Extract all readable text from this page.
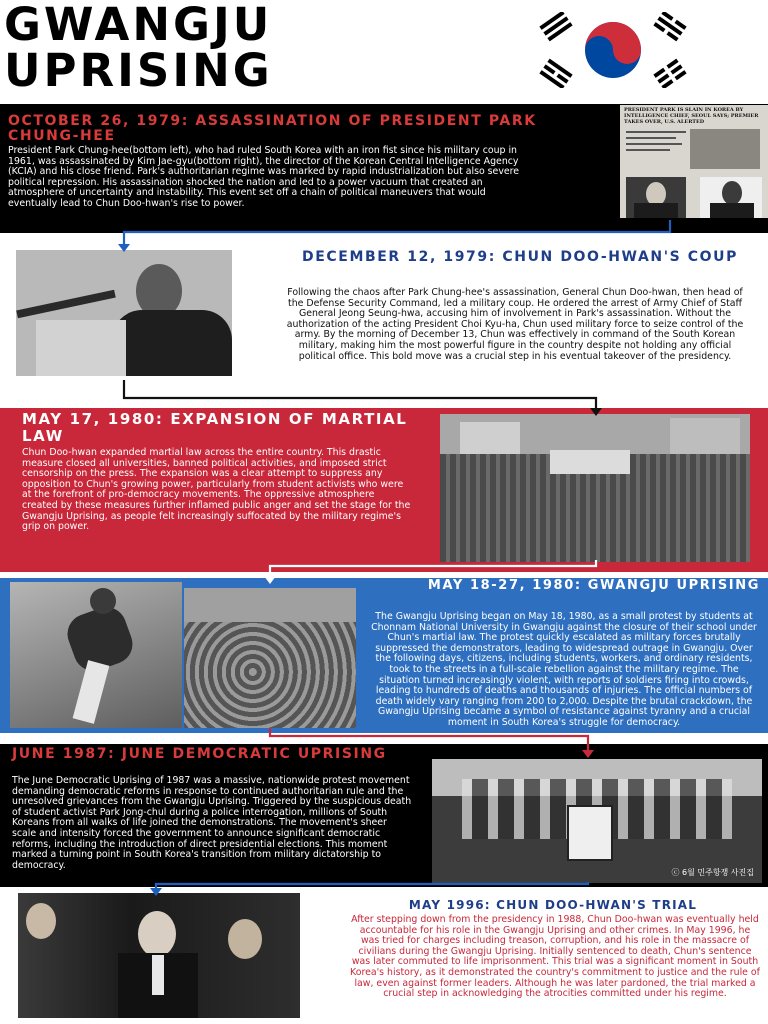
GWANGJU
UPRISING
OCTOBER 26, 1979: ASSASSINATION OF PRESIDENT PARK CHUNG-HEE
President Park Chung-hee(bottom left), who had ruled South Korea with an iron fist since his military coup in 1961, was assassinated by Kim Jae-gyu(bottom right), the director of the Korean Central Intelligence Agency (KCIA) and his close friend. Park's authoritarian regime was marked by rapid industrialization but also severe political repression. His assassination shocked the nation and led to a power vacuum that created an atmosphere of uncertainty and instability. This event set off a chain of political maneuvers that would eventually lead to Chun Doo-hwan's rise to power.
PRESIDENT PARK IS SLAIN IN KOREA BY INTELLIGENCE CHIEF, SEOUL SAYS; PREMIER TAKES OVER, U.S. ALERTED
DECEMBER 12, 1979: CHUN DOO-HWAN'S COUP
Following the chaos after Park Chung-hee's assassination, General Chun Doo-hwan, then head of the Defense Security Command, led a military coup. He ordered the arrest of Army Chief of Staff General Jeong Seung-hwa, accusing him of involvement in Park's assassination. Without the authorization of the acting President Choi Kyu-ha, Chun used military force to seize control of the army. By the morning of December 13, Chun was effectively in command of the South Korean military, making him the most powerful figure in the country despite not holding any official political office. This bold move was a crucial step in his eventual takeover of the presidency.
MAY 17, 1980: EXPANSION OF MARTIAL LAW
Chun Doo-hwan expanded martial law across the entire country. This drastic measure closed all universities, banned political activities, and imposed strict censorship on the press. The expansion was a clear attempt to suppress any opposition to Chun's growing power, particularly from student activists who were at the forefront of pro-democracy movements. The oppressive atmosphere created by these measures further inflamed public anger and set the stage for the Gwangju Uprising, as people felt increasingly suffocated by the military regime's grip on power.
MAY 18-27, 1980: GWANGJU UPRISING
The Gwangju Uprising began on May 18, 1980, as a small protest by students at Chonnam National University in Gwangju against the closure of their school under Chun's martial law. The protest quickly escalated as military forces brutally suppressed the demonstrators, leading to widespread outrage in Gwangju. Over the following days, citizens, including students, workers, and ordinary residents, took to the streets in a full-scale rebellion against the military regime. The situation turned increasingly violent, with reports of soldiers firing into crowds, leading to hundreds of deaths and thousands of injuries. The official numbers of death widely vary ranging from 200 to 2,000. Despite the brutal crackdown, the Gwangju Uprising became a symbol of resistance against tyranny and a crucial moment in South Korea's struggle for democracy.
JUNE 1987: JUNE DEMOCRATIC UPRISING
The June Democratic Uprising of 1987 was a massive, nationwide protest movement demanding democratic reforms in response to continued authoritarian rule and the unresolved grievances from the Gwangju Uprising. Triggered by the suspicious death of student activist Park Jong-chul during a police interrogation, millions of South Koreans from all walks of life joined the demonstrations. The movement's sheer scale and intensity forced the government to announce significant democratic reforms, including the introduction of direct presidential elections. This moment marked a turning point in South Korea's transition from military dictatorship to democracy.
ⓒ 6월 민주항쟁 사진집
MAY 1996: CHUN DOO-HWAN'S TRIAL
After stepping down from the presidency in 1988, Chun Doo-hwan was eventually held accountable for his role in the Gwangju Uprising and other crimes. In May 1996, he was tried for charges including treason, corruption, and his role in the massacre of civilians during the Gwangju Uprising. Initially sentenced to death, Chun's sentence was later commuted to life imprisonment. This trial was a significant moment in South Korea's history, as it demonstrated the country's commitment to justice and the rule of law, even against former leaders. Although he was later pardoned, the trial marked a crucial step in acknowledging the atrocities committed under his regime.
